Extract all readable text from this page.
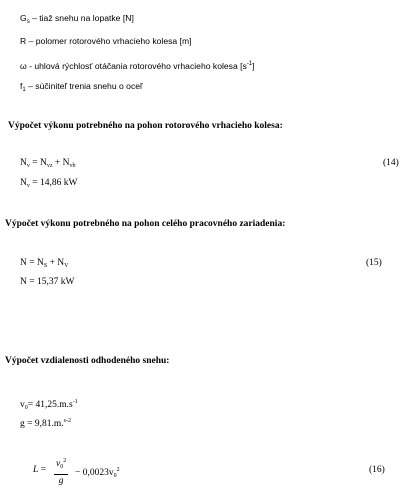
$G_s$ – tiaž snehu na lopatke [N]
R – polomer rotorového vrhacieho kolesa [m]
ω - uhlová rýchlosť otáčania rotorového vrhacieho kolesa $[s^{-1}]$
$f_1$ – súčiniteľ trenia snehu o oceľ
Výpočet výkonu potrebného na pohon rotorového vrhacieho kolesa:
$N_v = N_{vz} + N_{vb}$	(14)
$N_v = 14,86$ kW
Výpočet výkonu potrebného na pohon celého pracovného zariadenia:
$N = N_S + N_V$	(15)
N = 15,37 kW
Výpočet vzdialenosti odhodeného snehu:
$v_0= 41,25.m.s^{-1}$
g = 9,81.m.$^{s-2}$
$L = \frac{v_0^2}{g} - 0,0023v_0^2$	(16)
